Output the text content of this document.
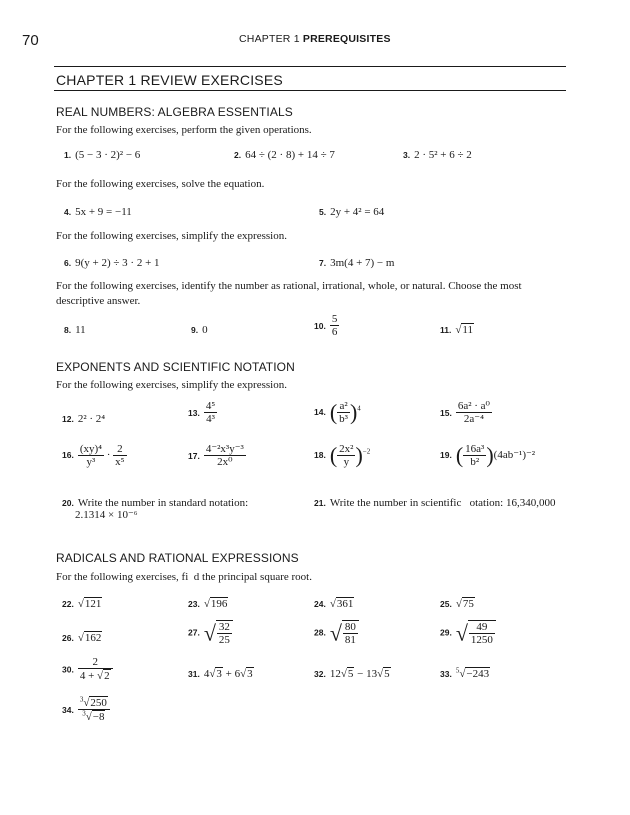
70	CHAPTER 1 PREREQUISITES
CHAPTER 1 REVIEW EXERCISES
REAL NUMBERS: ALGEBRA ESSENTIALS
For the following exercises, perform the given operations.
1. (5 − 3 · 2)² − 6	2. 64 ÷ (2 · 8) + 14 ÷ 7	3. 2 · 5² + 6 ÷ 2
For the following exercises, solve the equation.
4. 5x + 9 = −11	5. 2y + 4² = 64
For the following exercises, simplify the expression.
6. 9(y + 2) ÷ 3 · 2 + 1	7. 3m(4 + 7) − m
For the following exercises, identify the number as rational, irrational, whole, or natural. Choose the most descriptive answer.
8. 11	9. 0	10. $\frac{5}{6}$	11. √11
EXPONENTS AND SCIENTIFIC NOTATION
For the following exercises, simplify the expression.
12. 2² · 2⁴	13. $\frac{\text{4⁵}}{\text{4³}}$	14. ( $\frac{\text{a²}}{\text{b³}} )^4$	15. $\frac{\text{6a² · a⁰}}{\text{2a⁻⁴}}$
16. $\frac{\text{(xy)⁴}}{\text{y³}} \cdot \frac{2}{\text{x⁵}}$	17. $\frac{\text{4⁻²x³y⁻³}}{\text{2x⁰}}$	18. ( $\frac{\text{2x²}}{y} )^{-2}$	19. ( $\frac{\text{16a³}}{\text{b²}} )(4ab^{-1})^{-2}$
20. Write the number in standard notation:
2.1314 × 10⁻⁶
21. Write the number in scientific   otation: 16,340,000
RADICALS AND RATIONAL EXPRESSIONS
For the following exercises, fi  d the principal square root.
22. √121	23. √196	24. √361	25. √75
26. √162	27. √ $\frac{32}{25}$	28. √ $\frac{80}{81}$	29. √ $\frac{49}{1250}$
30. $\frac{2}{4 + √2}$	31. 4√3 + 6√3	32. 12√5 − 13√5	33. $^5$√−243
34. $\frac{^3√250}{^3√-8}$
